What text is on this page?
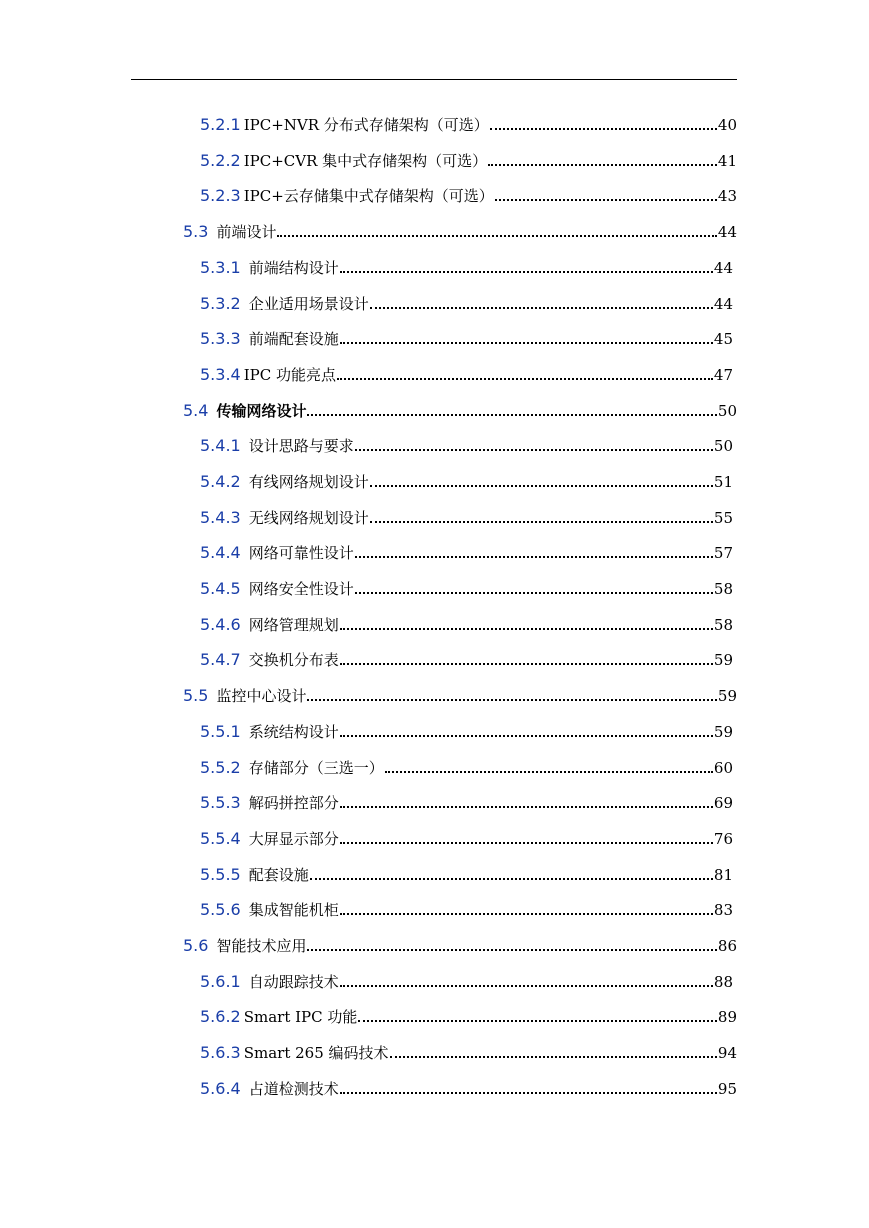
5.2.1 IPC+NVR 分布式存储架构（可选）	40
5.2.2 IPC+CVR 集中式存储架构（可选）	41
5.2.3 IPC+云存储集中式存储架构（可选）	43
5.3 前端设计	44
5.3.1 前端结构设计	44
5.3.2 企业适用场景设计	44
5.3.3 前端配套设施	45
5.3.4 IPC 功能亮点	47
5.4 传输网络设计	50
5.4.1 设计思路与要求	50
5.4.2 有线网络规划设计	51
5.4.3 无线网络规划设计	55
5.4.4 网络可靠性设计	57
5.4.5 网络安全性设计	58
5.4.6 网络管理规划	58
5.4.7 交换机分布表	59
5.5 监控中心设计	59
5.5.1 系统结构设计	59
5.5.2 存储部分（三选一）	60
5.5.3 解码拼控部分	69
5.5.4 大屏显示部分	76
5.5.5 配套设施	81
5.5.6 集成智能机柜	83
5.6 智能技术应用	86
5.6.1 自动跟踪技术	88
5.6.2 Smart IPC 功能	89
5.6.3 Smart 265 编码技术	94
5.6.4 占道检测技术	95
